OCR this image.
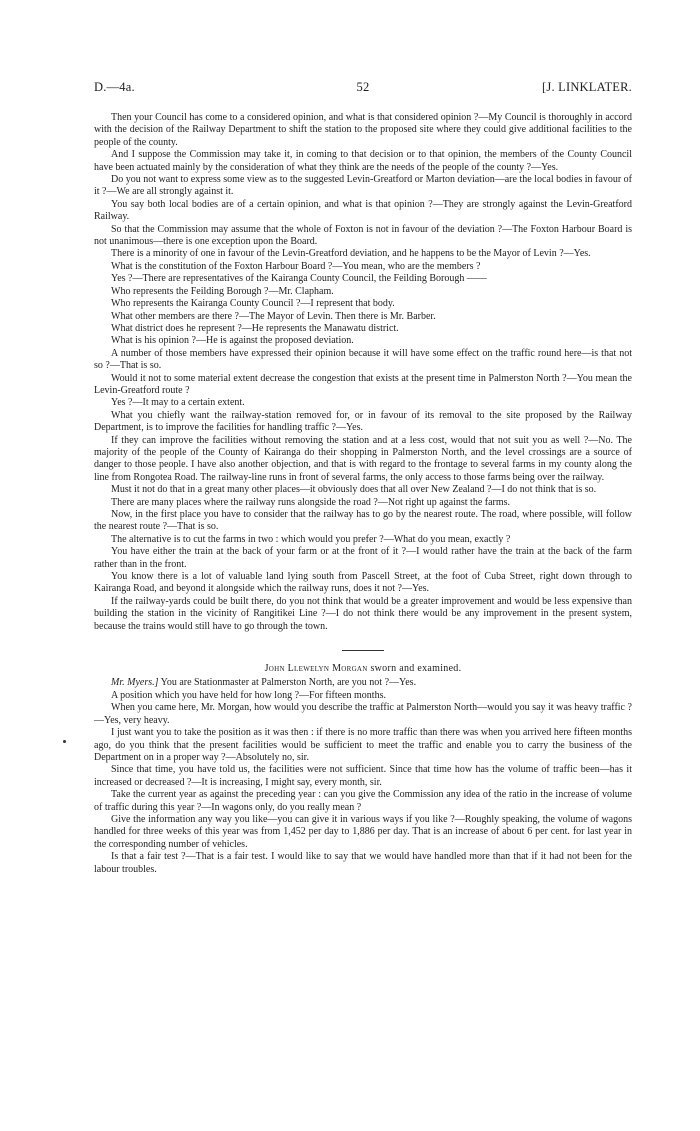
D.—4a.	52	[J. LINKLATER.

Then your Council has come to a considered opinion, and what is that considered opinion ?—My Council is thoroughly in accord with the decision of the Railway Department to shift the station to the proposed site where they could give additional facilities to the people of the county.

And I suppose the Commission may take it, in coming to that decision or to that opinion, the members of the County Council have been actuated mainly by the consideration of what they think are the needs of the people of the county ?—Yes.

Do you not want to express some view as to the suggested Levin-Greatford or Marton deviation—are the local bodies in favour of it ?—We are all strongly against it.

You say both local bodies are of a certain opinion, and what is that opinion ?—They are strongly against the Levin-Greatford Railway.

So that the Commission may assume that the whole of Foxton is not in favour of the deviation ?—The Foxton Harbour Board is not unanimous—there is one exception upon the Board.

There is a minority of one in favour of the Levin-Greatford deviation, and he happens to be the Mayor of Levin ?—Yes.

What is the constitution of the Foxton Harbour Board ?—You mean, who are the members ?

Yes ?—There are representatives of the Kairanga County Council, the Feilding Borough ——

Who represents the Feilding Borough ?—Mr. Clapham.

Who represents the Kairanga County Council ?—I represent that body.

What other members are there ?—The Mayor of Levin. Then there is Mr. Barber.

What district does he represent ?—He represents the Manawatu district.

What is his opinion ?—He is against the proposed deviation.

A number of those members have expressed their opinion because it will have some effect on the traffic round here—is that not so ?—That is so.

Would it not to some material extent decrease the congestion that exists at the present time in Palmerston North ?—You mean the Levin-Greatford route ?

Yes ?—It may to a certain extent.

What you chiefly want the railway-station removed for, or in favour of its removal to the site proposed by the Railway Department, is to improve the facilities for handling traffic ?—Yes.

If they can improve the facilities without removing the station and at a less cost, would that not suit you as well ?—No. The majority of the people of the County of Kairanga do their shopping in Palmerston North, and the level crossings are a source of danger to those people. I have also another objection, and that is with regard to the frontage to several farms in my county along the line from Rongotea Road. The railway-line runs in front of several farms, the only access to those farms being over the railway.

Must it not do that in a great many other places—it obviously does that all over New Zealand ?—I do not think that is so.

There are many places where the railway runs alongside the road ?—Not right up against the farms.

Now, in the first place you have to consider that the railway has to go by the nearest route. The road, where possible, will follow the nearest route ?—That is so.

The alternative is to cut the farms in two : which would you prefer ?—What do you mean, exactly ?

You have either the train at the back of your farm or at the front of it ?—I would rather have the train at the back of the farm rather than in the front.

You know there is a lot of valuable land lying south from Pascell Street, at the foot of Cuba Street, right down through to Kairanga Road, and beyond it alongside which the railway runs, does it not ?—Yes.

If the railway-yards could be built there, do you not think that would be a greater improvement and would be less expensive than building the station in the vicinity of Rangitikei Line ?—I do not think there would be any improvement in the present system, because the trains would still have to go through the town.

John Llewelyn Morgan sworn and examined.

Mr. Myers.] You are Stationmaster at Palmerston North, are you not ?—Yes.

A position which you have held for how long ?—For fifteen months.

When you came here, Mr. Morgan, how would you describe the traffic at Palmerston North—would you say it was heavy traffic ?—Yes, very heavy.

I just want you to take the position as it was then : if there is no more traffic than there was when you arrived here fifteen months ago, do you think that the present facilities would be sufficient to meet the traffic and enable you to carry the business of the Department on in a proper way ?—Absolutely no, sir.

Since that time, you have told us, the facilities were not sufficient. Since that time how has the volume of traffic been—has it increased or decreased ?—It is increasing, I might say, every month, sir.

Take the current year as against the preceding year : can you give the Commission any idea of the ratio in the increase of volume of traffic during this year ?—In wagons only, do you really mean ?

Give the information any way you like—you can give it in various ways if you like ?—Roughly speaking, the volume of wagons handled for three weeks of this year was from 1,452 per day to 1,886 per day. That is an increase of about 6 per cent. for last year in the corresponding number of vehicles.

Is that a fair test ?—That is a fair test. I would like to say that we would have handled more than that if it had not been for the labour troubles.
